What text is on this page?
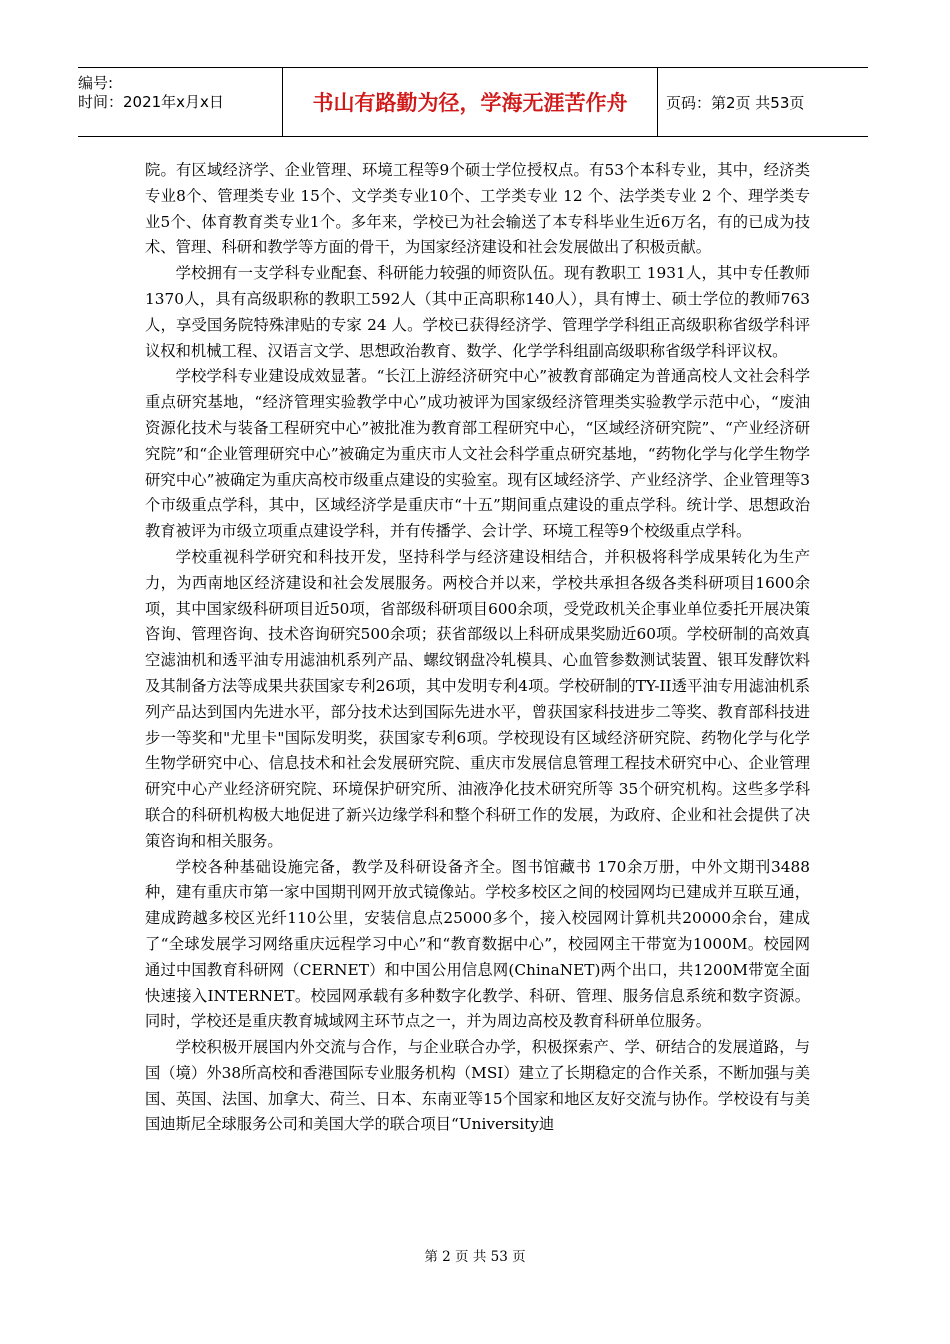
编号:
时间：2021年x月x日	书山有路勤为径，学海无涯苦作舟	页码：第2页 共53页

院。有区域经济学、企业管理、环境工程等9个硕士学位授权点。有53个本科专业，其中，经济类专业8个、管理类专业 15个、文学类专业10个、工学类专业 12 个、法学类专业 2 个、理学类专业5个、体育教育类专业1个。多年来，学校已为社会输送了本专科毕业生近6万名，有的已成为技术、管理、科研和教学等方面的骨干，为国家经济建设和社会发展做出了积极贡献。

学校拥有一支学科专业配套、科研能力较强的师资队伍。现有教职工 1931人，其中专任教师1370人，具有高级职称的教职工592人（其中正高职称140人），具有博士、硕士学位的教师763人，享受国务院特殊津贴的专家 24 人。学校已获得经济学、管理学学科组正高级职称省级学科评议权和机械工程、汉语言文学、思想政治教育、数学、化学学科组副高级职称省级学科评议权。

学校学科专业建设成效显著。“长江上游经济研究中心”被教育部确定为普通高校人文社会科学重点研究基地，“经济管理实验教学中心”成功被评为国家级经济管理类实验教学示范中心，“废油资源化技术与装备工程研究中心”被批准为教育部工程研究中心，“区域经济研究院”、“产业经济研究院”和“企业管理研究中心”被确定为重庆市人文社会科学重点研究基地，“药物化学与化学生物学研究中心”被确定为重庆高校市级重点建设的实验室。现有区域经济学、产业经济学、企业管理等3个市级重点学科，其中，区域经济学是重庆市“十五”期间重点建设的重点学科。统计学、思想政治教育被评为市级立项重点建设学科，并有传播学、会计学、环境工程等9个校级重点学科。

学校重视科学研究和科技开发，坚持科学与经济建设相结合，并积极将科学成果转化为生产力，为西南地区经济建设和社会发展服务。两校合并以来，学校共承担各级各类科研项目1600余项，其中国家级科研项目近50项，省部级科研项目600余项，受党政机关企事业单位委托开展决策咨询、管理咨询、技术咨询研究500余项；获省部级以上科研成果奖励近60项。学校研制的高效真空滤油机和透平油专用滤油机系列产品、螺纹钢盘冷轧模具、心血管参数测试装置、银耳发酵饮料及其制备方法等成果共获国家专利26项，其中发明专利4项。学校研制的TY-II透平油专用滤油机系列产品达到国内先进水平，部分技术达到国际先进水平，曾获国家科技进步二等奖、教育部科技进步一等奖和"尤里卡"国际发明奖，获国家专利6项。学校现设有区域经济研究院、药物化学与化学生物学研究中心、信息技术和社会发展研究院、重庆市发展信息管理工程技术研究中心、企业管理研究中心产业经济研究院、环境保护研究所、油液净化技术研究所等 35个研究机构。这些多学科联合的科研机构极大地促进了新兴边缘学科和整个科研工作的发展，为政府、企业和社会提供了决策咨询和相关服务。

学校各种基础设施完备，教学及科研设备齐全。图书馆藏书 170余万册，中外文期刊3488种，建有重庆市第一家中国期刊网开放式镜像站。学校多校区之间的校园网均已建成并互联互通，建成跨越多校区光纤110公里，安装信息点25000多个，接入校园网计算机共20000余台，建成了“全球发展学习网络重庆远程学习中心”和“教育数据中心”，校园网主干带宽为1000M。校园网通过中国教育科研网（CERNET）和中国公用信息网(ChinaNET)两个出口，共1200M带宽全面快速接入INTERNET。校园网承载有多种数字化教学、科研、管理、服务信息系统和数字资源。同时，学校还是重庆教育城域网主环节点之一，并为周边高校及教育科研单位服务。

学校积极开展国内外交流与合作，与企业联合办学，积极探索产、学、研结合的发展道路，与国（境）外38所高校和香港国际专业服务机构（MSI）建立了长期稳定的合作关系，不断加强与美国、英国、法国、加拿大、荷兰、日本、东南亚等15个国家和地区友好交流与协作。学校设有与美国迪斯尼全球服务公司和美国大学的联合项目“University迪

第 2 页 共 53 页
